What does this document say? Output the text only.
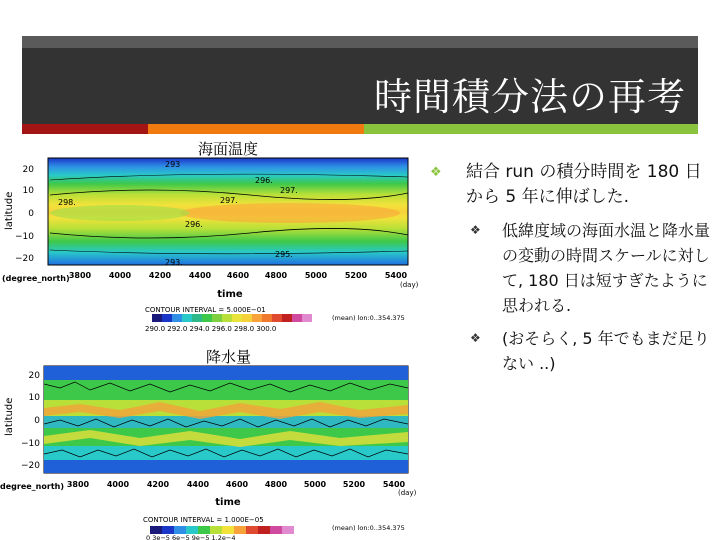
時間積分法の再考
海面温度
293
296.
297.
298.	297.
296.
295.
293.
latitude
20
10
0
−10
−20
(degree_north) 3800 4000 4200 4400 4600 4800 5000 5200 5400
(day)
time
CONTOUR INTERVAL = 5.000E−01
(mean) lon:0..354.375
290.0 292.0 294.0 296.0 298.0 300.0
降水量
latitude
20
10
0
−10
−20
degree_north) 3800 4000 4200 4400 4600 4800 5000 5200 5400
(day)
time
CONTOUR INTERVAL = 1.000E−05
(mean) lon:0..354.375
0 3e−5 6e−5 9e−5 1.2e−4
❖ 結合 run の積分時間を 180 日から 5 年に伸ばした.
❖ 低緯度域の海面水温と降水量の変動の時間スケールに対して, 180 日は短すぎたように思われる.
❖ (おそらく, 5 年でもまだ足りない ..)
